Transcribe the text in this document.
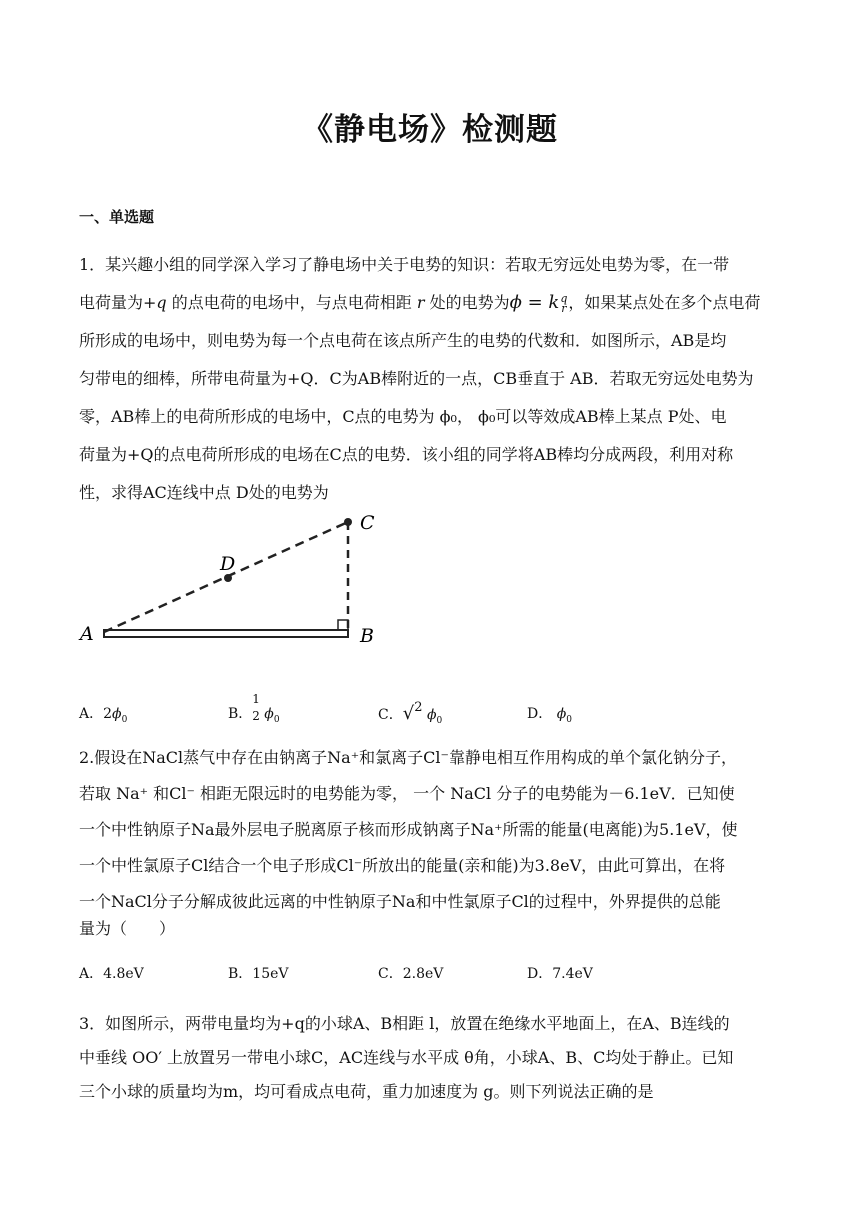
《静电场》检测题
一、单选题
1．某兴趣小组的同学深入学习了静电场中关于电势的知识：若取无穷远处电势为零，在一带
电荷量为+q 的点电荷的电场中，与点电荷相距 r 处的电势为ϕ = k q
r ，如果某点处在多个点电荷
所形成的电场中，则电势为每一个点电荷在该点所产生的电势的代数和．如图所示，AB是均
匀带电的细棒，所带电荷量为+Q．C为AB棒附近的一点，CB垂直于 AB．若取无穷远处电势为
零，AB棒上的电荷所形成的电场中，C点的电势为 ϕ₀， ϕ₀可以等效成AB棒上某点 P处、电
荷量为+Q的点电荷所形成的电场在C点的电势．该小组的同学将AB棒均分成两段，利用对称
性，求得AC连线中点 D处的电势为
A	B
C
D
A．$2\phi_0$	B．
1
2 $\phi_0$	C．√2 $\phi_0$	D． $\phi_0$
2.假设在NaCl蒸气中存在由钠离子Na⁺和氯离子Cl⁻靠静电相互作用构成的单个氯化钠分子，
若取 Na⁺ 和Cl⁻ 相距无限远时的电势能为零， 一个 NaCl 分子的电势能为－6.1eV．已知使
一个中性钠原子Na最外层电子脱离原子核而形成钠离子Na⁺所需的能量(电离能)为5.1eV，使
一个中性氯原子Cl结合一个电子形成Cl⁻所放出的能量(亲和能)为3.8eV，由此可算出，在将
一个NaCl分子分解成彼此远离的中性钠原子Na和中性氯原子Cl的过程中，外界提供的总能
量为（　　）
A．4.8eV	B．15eV	C．2.8eV	D．7.4eV
3．如图所示，两带电量均为+q的小球A、B相距 l，放置在绝缘水平地面上，在A、B连线的
中垂线 OO′ 上放置另一带电小球C，AC连线与水平成 θ角，小球A、B、C均处于静止。已知
三个小球的质量均为m，均可看成点电荷，重力加速度为 g。则下列说法正确的是
